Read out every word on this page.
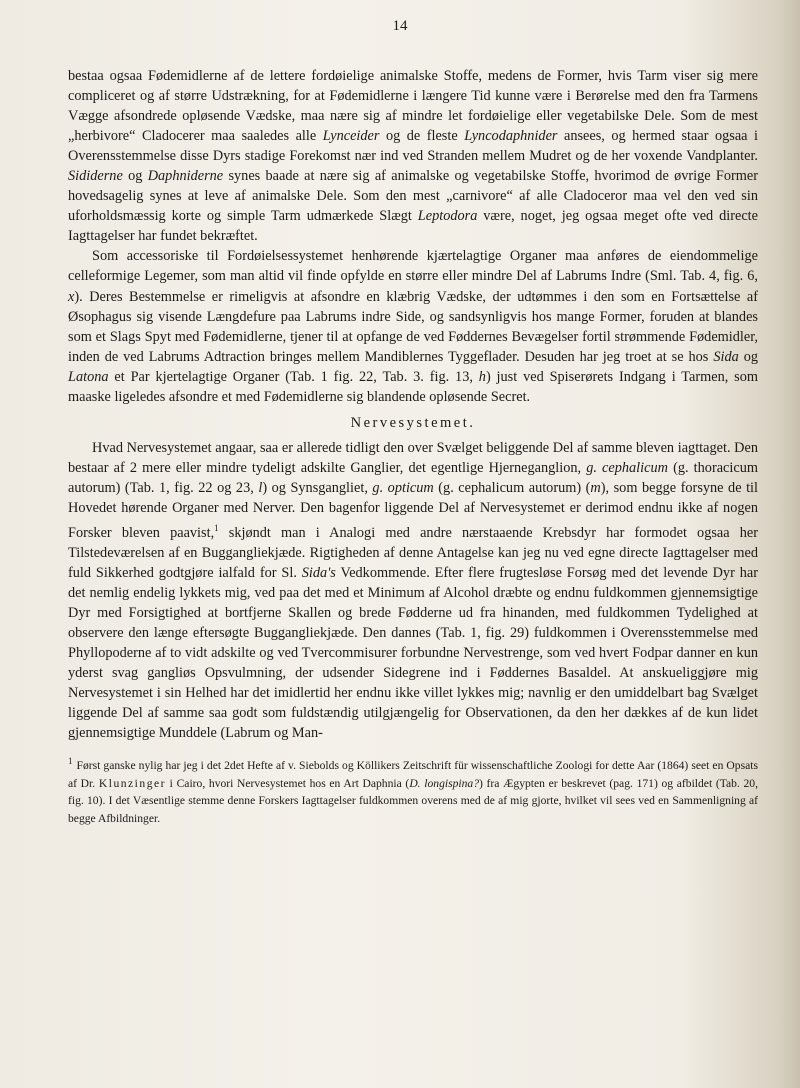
14

bestaa ogsaa Fødemidlerne af de lettere fordøielige animalske Stoffe, medens de Former, hvis Tarm viser sig mere compliceret og af større Udstrækning, for at Fødemidlerne i længere Tid kunne være i Berørelse med den fra Tarmens Vægge afsondrede opløsende Vædske, maa nære sig af mindre let fordøielige eller vegetabilske Dele. Som de mest „herbivore“ Cladocerer maa saaledes alle Lynceider og de fleste Lyncodaphnider ansees, og hermed staar ogsaa i Overensstemmelse disse Dyrs stadige Forekomst nær ind ved Stranden mellem Mudret og de her voxende Vandplanter. Sididerne og Daphniderne synes baade at nære sig af animalske og vegetabilske Stoffe, hvorimod de øvrige Former hovedsagelig synes at leve af animalske Dele. Som den mest „carnivore“ af alle Cladoceror maa vel den ved sin uforholdsmæssig korte og simple Tarm udmærkede Slægt Leptodora være, noget, jeg ogsaa meget ofte ved directe Iagttagelser har fundet bekræftet.

Som accessoriske til Fordøielsessystemet henhørende kjærtelagtige Organer maa anføres de eiendommelige celleformige Legemer, som man altid vil finde opfylde en større eller mindre Del af Labrums Indre (Sml. Tab. 4, fig. 6, x). Deres Bestemmelse er rimeligvis at afsondre en klæbrig Vædske, der udtømmes i den som en Fortsættelse af Øsophagus sig visende Længdefure paa Labrums indre Side, og sandsynligvis hos mange Former, foruden at blandes som et Slags Spyt med Fødemidlerne, tjener til at opfange de ved Føddernes Bevægelser fortil strømmende Fødemidler, inden de ved Labrums Adtraction bringes mellem Mandiblernes Tyggeflader. Desuden har jeg troet at se hos Sida og Latona et Par kjertelagtige Organer (Tab. 1 fig. 22, Tab. 3. fig. 13, h) just ved Spiserørets Indgang i Tarmen, som maaske ligeledes afsondre et med Fødemidlerne sig blandende opløsende Secret.

Nervesystemet.

Hvad Nervesystemet angaar, saa er allerede tidligt den over Svælget beliggende Del af samme bleven iagttaget. Den bestaar af 2 mere eller mindre tydeligt adskilte Ganglier, det egentlige Hjerneganglion, g. cephalicum (g. thoracicum autorum) (Tab. 1, fig. 22 og 23, l) og Synsgangliet, g. opticum (g. cephalicum autorum) (m), som begge forsyne de til Hovedet hørende Organer med Nerver. Den bagenfor liggende Del af Nervesystemet er derimod endnu ikke af nogen Forsker bleven paavist,$^1$ skjøndt man i Analogi med andre nærstaaende Krebsdyr har formodet ogsaa her Tilstedeværelsen af en Buggangliekjæde. Rigtigheden af denne Antagelse kan jeg nu ved egne directe Iagttagelser med fuld Sikkerhed godtgjøre ialfald for Sl. Sida's Vedkommende. Efter flere frugtesløse Forsøg med det levende Dyr har det nemlig endelig lykkets mig, ved paa det med et Minimum af Alcohol dræbte og endnu fuldkommen gjennemsigtige Dyr med Forsigtighed at bortfjerne Skallen og brede Fødderne ud fra hinanden, med fuldkommen Tydelighed at observere den længe eftersøgte Buggangliekjæde. Den dannes (Tab. 1, fig. 29) fuldkommen i Overensstemmelse med Phyllopoderne af to vidt adskilte og ved Tvercommisurer forbundne Nervestrenge, som ved hvert Fodpar danner en kun yderst svag gangliøs Opsvulmning, der udsender Sidegrene ind i Føddernes Basaldel. At anskueliggjøre mig Nervesystemet i sin Helhed har det imidlertid her endnu ikke villet lykkes mig; navnlig er den umiddelbart bag Svælget liggende Del af samme saa godt som fuldstændig utilgjængelig for Observationen, da den her dækkes af de kun lidet gjennemsigtige Munddele (Labrum og Man-

$^1$ Først ganske nylig har jeg i det 2det Hefte af v. Siebolds og Köllikers Zeitschrift für wissenschaftliche Zoologi for dette Aar (1864) seet en Opsats af Dr. Klunzinger i Cairo, hvori Nervesystemet hos en Art Daphnia (D. longispina?) fra Ægypten er beskrevet (pag. 171) og afbildet (Tab. 20, fig. 10). I det Væsentlige stemme denne Forskers Iagttagelser fuldkommen overens med de af mig gjorte, hvilket vil sees ved en Sammenligning af begge Afbildninger.
